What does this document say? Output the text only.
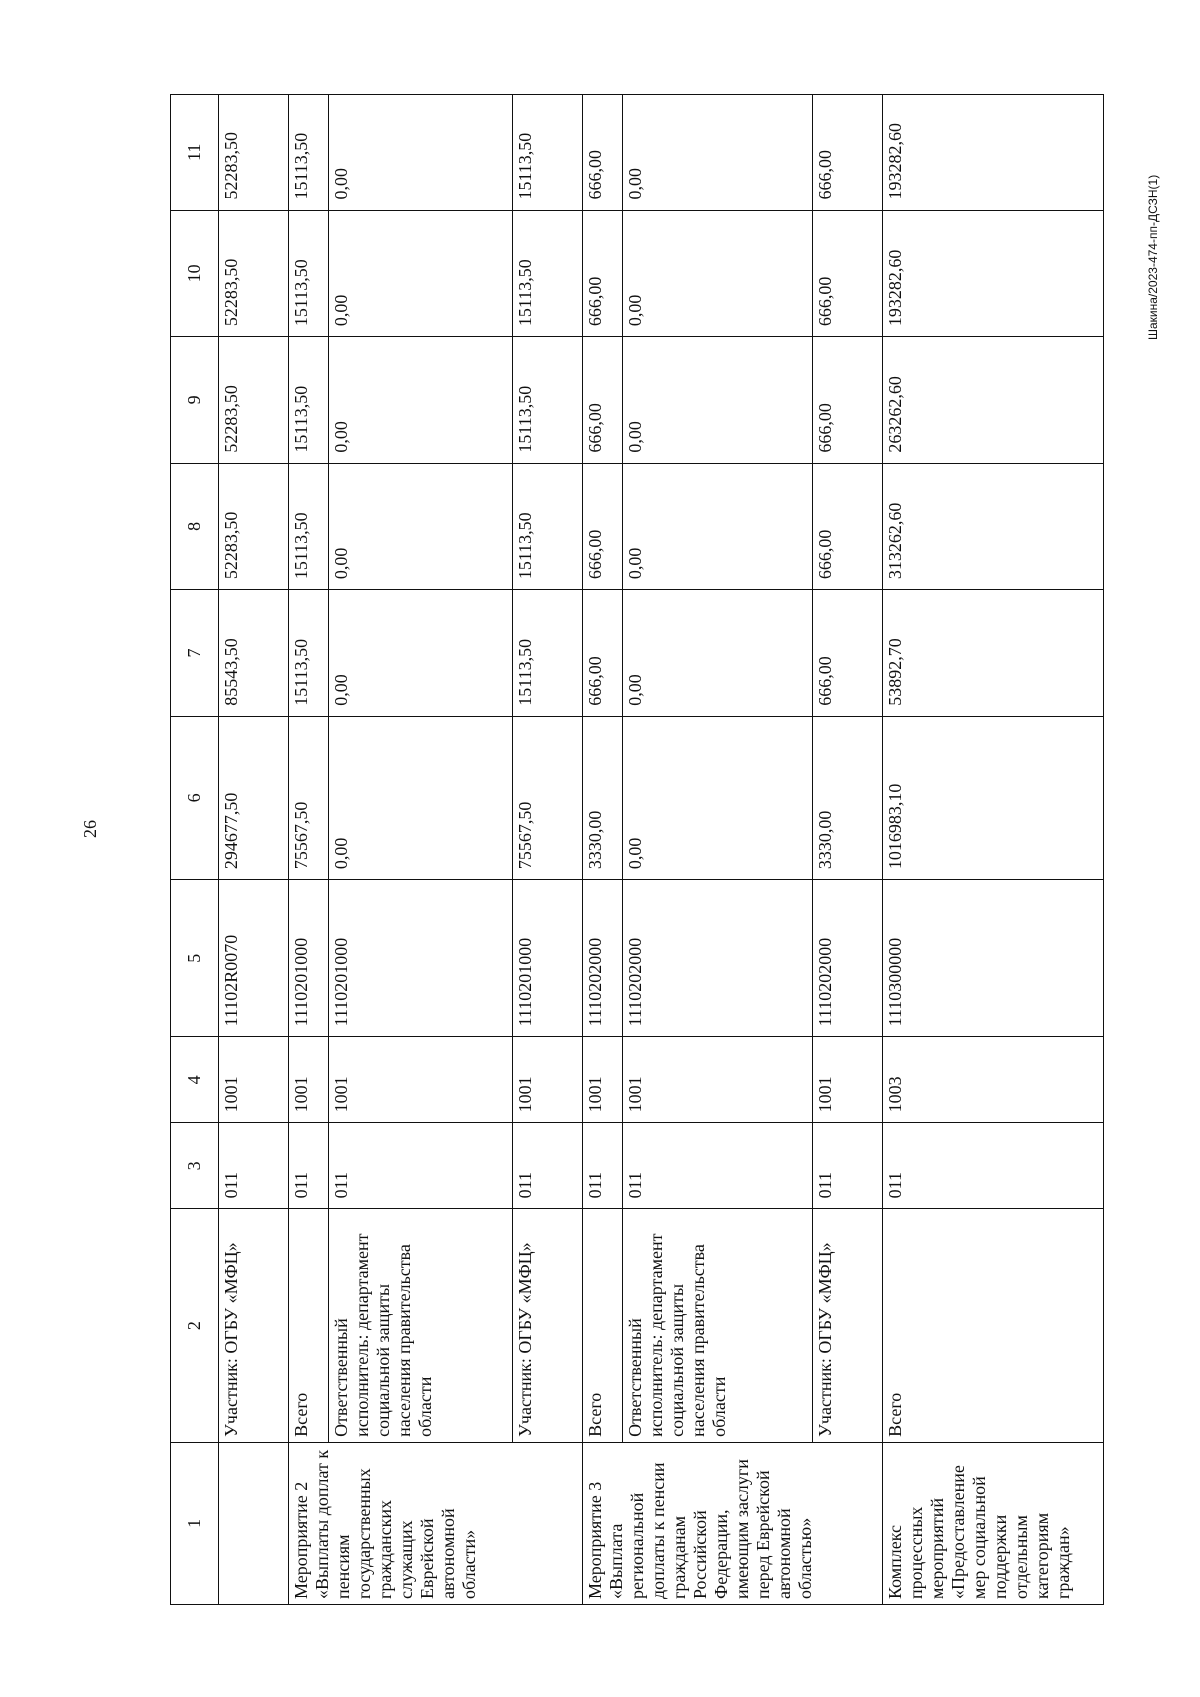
26
Шакина/2023-474-пп-ДСЗН(1)
1	2	3	4	5	6	7	8	9	10	11
	Участник: ОГБУ «МФЦ»	011	1001	11102R0070	294677,50	85543,50	52283,50	52283,50	52283,50	52283,50
Мероприятие 2 «Выплаты доплат к пенсиям государственных гражданских служащих Еврейской автономной области»	Всего	011	1001	1110201000	75567,50	15113,50	15113,50	15113,50	15113,50	15113,50
	Ответственный исполнитель: департамент социальной защиты населения правительства области	011	1001	1110201000	0,00	0,00	0,00	0,00	0,00	0,00
	Участник: ОГБУ «МФЦ»	011	1001	1110201000	75567,50	15113,50	15113,50	15113,50	15113,50	15113,50
Мероприятие 3 «Выплата региональной доплаты к пенсии гражданам Российской Федерации, имеющим заслуги перед Еврейской автономной областью»	Всего	011	1001	1110202000	3330,00	666,00	666,00	666,00	666,00	666,00
	Ответственный исполнитель: департамент социальной защиты населения правительства области	011	1001	1110202000	0,00	0,00	0,00	0,00	0,00	0,00
	Участник: ОГБУ «МФЦ»	011	1001	1110202000	3330,00	666,00	666,00	666,00	666,00	666,00
Комплекс процессных мероприятий «Предоставление мер социальной поддержки отдельным категориям граждан»	Всего	011	1003	1110300000	1016983,10	53892,70	313262,60	263262,60	193282,60	193282,60
